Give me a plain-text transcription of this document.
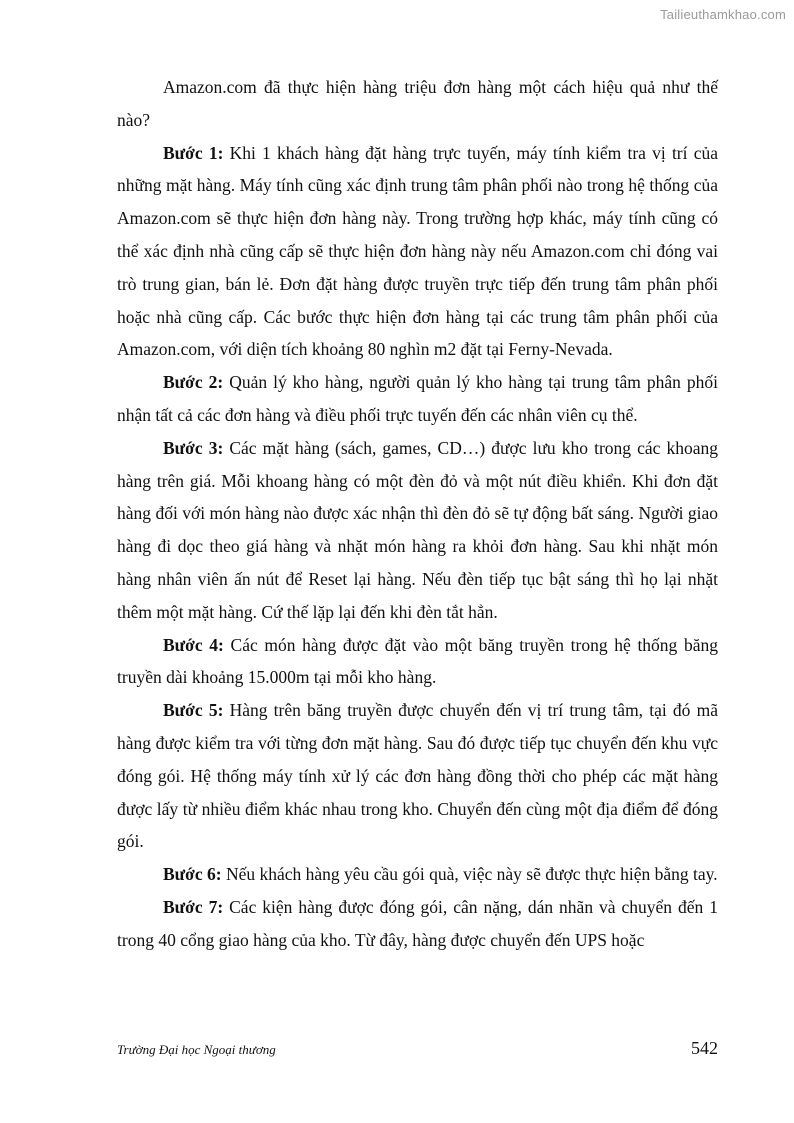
Tailieuthamkhao.com

Amazon.com đã thực hiện hàng triệu đơn hàng một cách hiệu quả như thế nào?

Bước 1: Khi 1 khách hàng đặt hàng trực tuyến, máy tính kiểm tra vị trí của những mặt hàng. Máy tính cũng xác định trung tâm phân phối nào trong hệ thống của Amazon.com sẽ thực hiện đơn hàng này. Trong trường hợp khác, máy tính cũng có thể xác định nhà cũng cấp sẽ thực hiện đơn hàng này nếu Amazon.com chỉ đóng vai trò trung gian, bán lẻ. Đơn đặt hàng được truyền trực tiếp đến trung tâm phân phối hoặc nhà cũng cấp. Các bước thực hiện đơn hàng tại các trung tâm phân phối của Amazon.com, với diện tích khoảng 80 nghìn m2 đặt tại Ferny-Nevada.

Bước 2: Quản lý kho hàng, người quản lý kho hàng tại trung tâm phân phối nhận tất cả các đơn hàng và điều phối trực tuyến đến các nhân viên cụ thể.

Bước 3: Các mặt hàng (sách, games, CD…) được lưu kho trong các khoang hàng trên giá. Mỗi khoang hàng có một đèn đỏ và một nút điều khiển. Khi đơn đặt hàng đối với món hàng nào được xác nhận thì đèn đỏ sẽ tự động bất sáng. Người giao hàng đi dọc theo giá hàng và nhặt món hàng ra khỏi đơn hàng. Sau khi nhặt món hàng nhân viên ấn nút để Reset lại hàng. Nếu đèn tiếp tục bật sáng thì họ lại nhặt thêm một mặt hàng. Cứ thế lặp lại đến khi đèn tắt hẳn.

Bước 4: Các món hàng được đặt vào một băng truyền trong hệ thống băng truyền dài khoảng 15.000m tại mỗi kho hàng.

Bước 5: Hàng trên băng truyền được chuyển đến vị trí trung tâm, tại đó mã hàng được kiểm tra với từng đơn mặt hàng. Sau đó được tiếp tục chuyển đến khu vực đóng gói. Hệ thống máy tính xử lý các đơn hàng đồng thời cho phép các mặt hàng được lấy từ nhiều điểm khác nhau trong kho. Chuyển đến cùng một địa điểm để đóng gói.

Bước 6: Nếu khách hàng yêu cầu gói quà, việc này sẽ được thực hiện bằng tay.

Bước 7: Các kiện hàng được đóng gói, cân nặng, dán nhãn và chuyển đến 1 trong 40 cổng giao hàng của kho. Từ đây, hàng được chuyển đến UPS hoặc

Trường Đại học Ngoại thương	542
